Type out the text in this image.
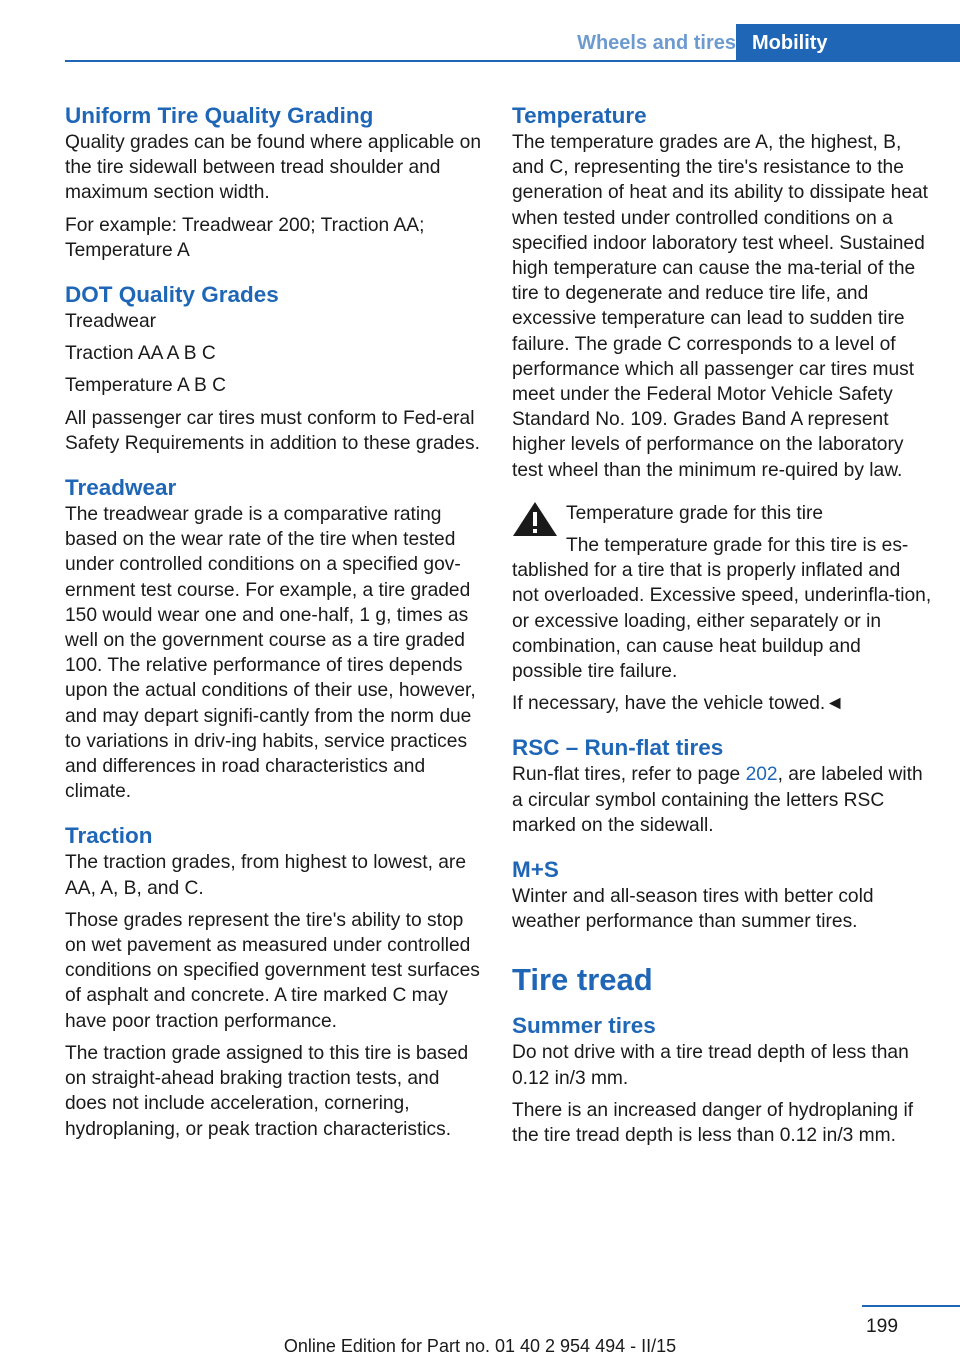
Wheels and tires Mobility
Uniform Tire Quality Grading

Quality grades can be found where applicable on the tire sidewall between tread shoulder and maximum section width.

For example: Treadwear 200; Traction AA; Temperature A

DOT Quality Grades

Treadwear

Traction AA A B C

Temperature A B C

All passenger car tires must conform to Fed‐eral Safety Requirements in addition to these grades.

Treadwear

The treadwear grade is a comparative rating based on the wear rate of the tire when tested under controlled conditions on a specified gov‐ernment test course. For example, a tire graded 150 would wear one and one-half, 1 g, times as well on the government course as a tire graded 100. The relative performance of tires depends upon the actual conditions of their use, however, and may depart signifi‐cantly from the norm due to variations in driv‐ing habits, service practices and differences in road characteristics and climate.

Traction

The traction grades, from highest to lowest, are AA, A, B, and C.

Those grades represent the tire's ability to stop on wet pavement as measured under controlled conditions on specified government test surfaces of asphalt and concrete. A tire marked C may have poor traction performance.

The traction grade assigned to this tire is based on straight-ahead braking traction tests, and does not include acceleration, cornering, hydroplaning, or peak traction characteristics.

Temperature

The temperature grades are A, the highest, B, and C, representing the tire's resistance to the generation of heat and its ability to dissipate heat when tested under controlled conditions on a specified indoor laboratory test wheel. Sustained high temperature can cause the ma‐terial of the tire to degenerate and reduce tire life, and excessive temperature can lead to sudden tire failure. The grade C corresponds to a level of performance which all passenger car tires must meet under the Federal Motor Vehicle Safety Standard No. 109. Grades Band A represent higher levels of performance on the laboratory test wheel than the minimum re‐quired by law.

Temperature grade for this tire

The temperature grade for this tire is es‐
tablished for a tire that is properly inflated and not overloaded. Excessive speed, underinfla‐tion, or excessive loading, either separately or in combination, can cause heat buildup and possible tire failure.

If necessary, have the vehicle towed.◄

RSC – Run-flat tires

Run-flat tires, refer to page 202, are labeled with a circular symbol containing the letters RSC marked on the sidewall.

M+S

Winter and all-season tires with better cold weather performance than summer tires.

Tire tread
Summer tires

Do not drive with a tire tread depth of less than 0.12 in/3 mm.

There is an increased danger of hydroplaning if the tire tread depth is less than 0.12 in/3 mm.

199
Online Edition for Part no. 01 40 2 954 494 - II/15
